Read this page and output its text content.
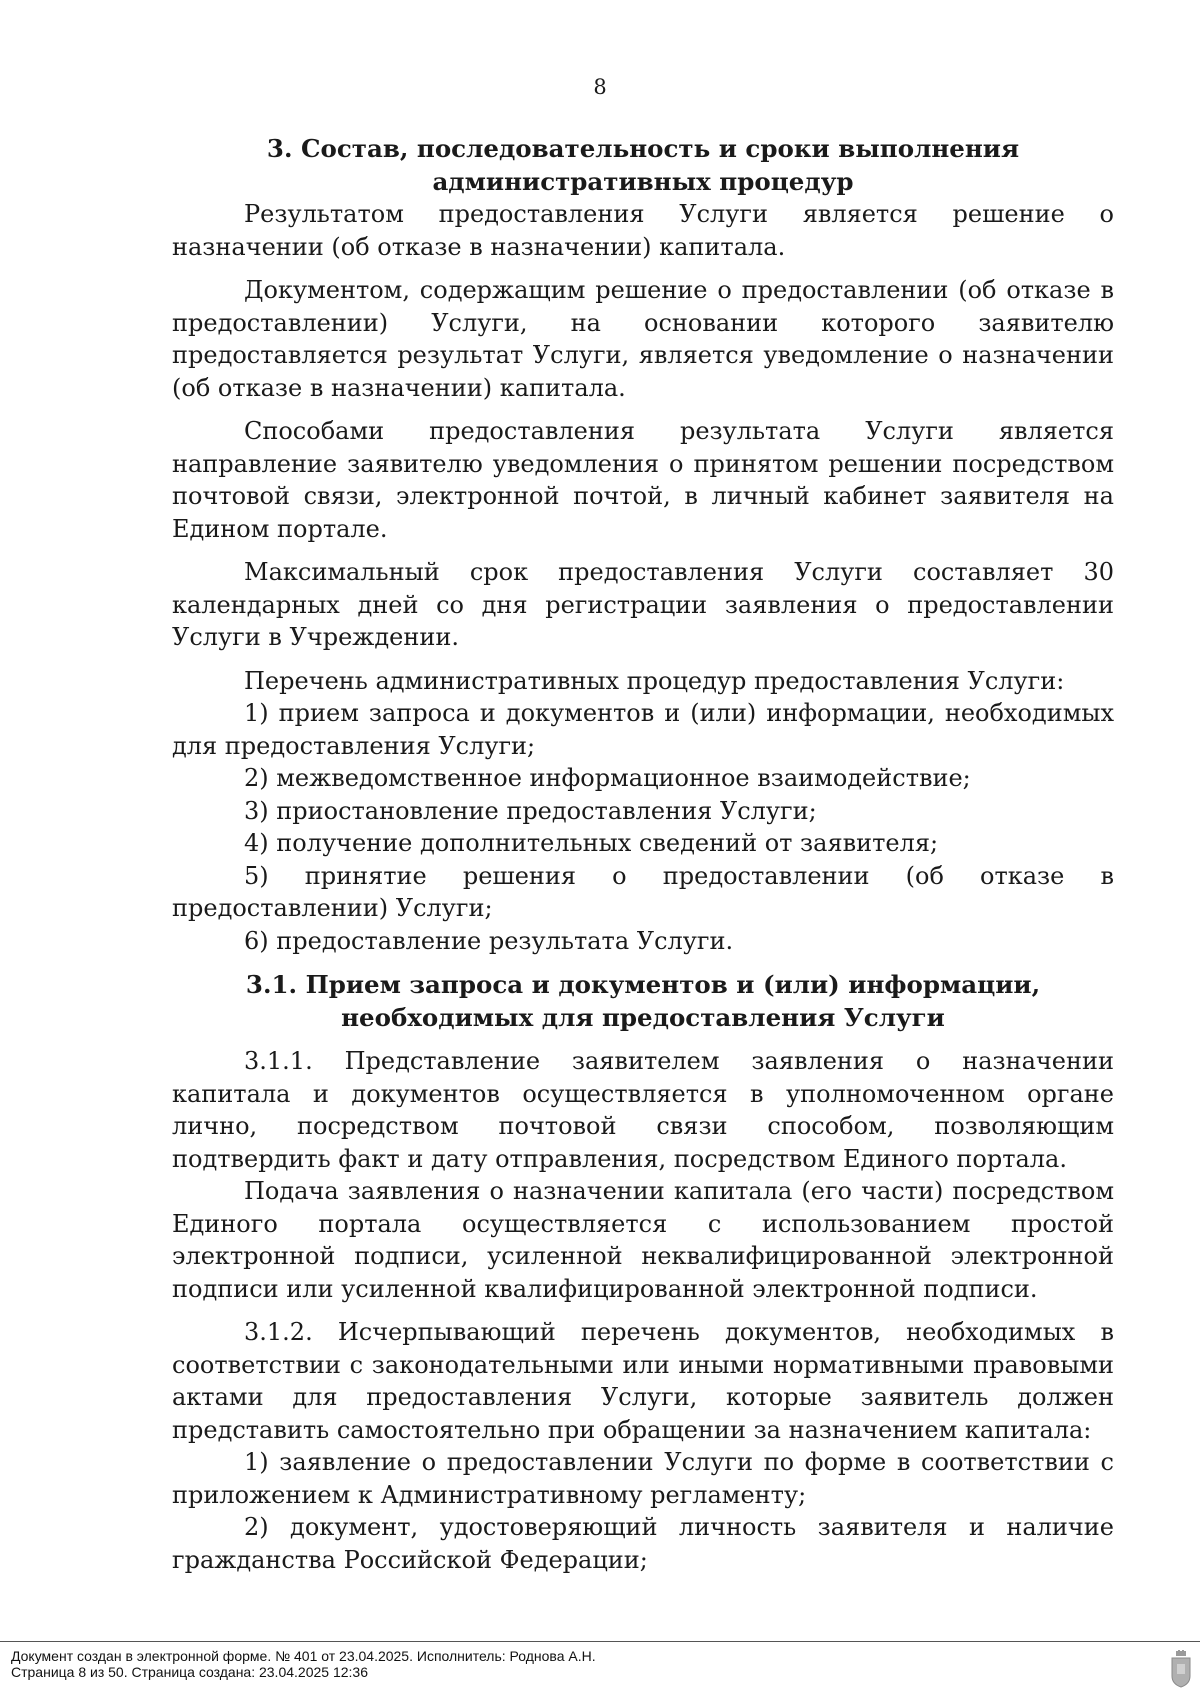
8

3. Состав, последовательность и сроки выполнения административных процедур

Результатом предоставления Услуги является решение о назначении (об отказе в назначении) капитала.

Документом, содержащим решение о предоставлении (об отказе в предоставлении) Услуги, на основании которого заявителю предоставляется результат Услуги, является уведомление о назначении (об отказе в назначении) капитала.

Способами предоставления результата Услуги является направление заявителю уведомления о принятом решении посредством почтовой связи, электронной почтой, в личный кабинет заявителя на Едином портале.

Максимальный срок предоставления Услуги составляет 30 календарных дней со дня регистрации заявления о предоставлении Услуги в Учреждении.

Перечень административных процедур предоставления Услуги:

1) прием запроса и документов и (или) информации, необходимых для предоставления Услуги;

2) межведомственное информационное взаимодействие;

3) приостановление предоставления Услуги;

4) получение дополнительных сведений от заявителя;

5) принятие решения о предоставлении (об отказе в предоставлении) Услуги;

6) предоставление результата Услуги.

3.1. Прием запроса и документов и (или) информации, необходимых для предоставления Услуги

3.1.1. Представление заявителем заявления о назначении капитала и документов осуществляется в уполномоченном органе лично, посредством почтовой связи способом, позволяющим подтвердить факт и дату отправления, посредством Единого портала.

Подача заявления о назначении капитала (его части) посредством Единого портала осуществляется с использованием простой электронной подписи, усиленной неквалифицированной электронной подписи или усиленной квалифицированной электронной подписи.

3.1.2. Исчерпывающий перечень документов, необходимых в соответствии с законодательными или иными нормативными правовыми актами для предоставления Услуги, которые заявитель должен представить самостоятельно при обращении за назначением капитала:

1) заявление о предоставлении Услуги по форме в соответствии с приложением к Административному регламенту;

2) документ, удостоверяющий личность заявителя и наличие гражданства Российской Федерации;

Документ создан в электронной форме. № 401 от 23.04.2025. Исполнитель: Роднова А.Н.
Страница 8 из 50. Страница создана: 23.04.2025 12:36
